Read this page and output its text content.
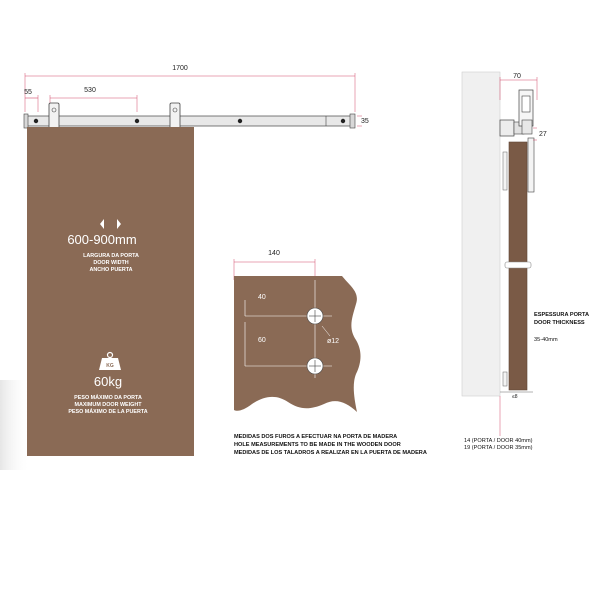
1700
55	530
35
600-900mm
LARGURA DA PORTA
DOOR WIDTH
ANCHO PUERTA
KG
60kg
PESO MÁXIMO DA PORTA
MAXIMUM DOOR WEIGHT
PESO MÁXIMO DE LA PUERTA
140
40
60	ø12
MEDIDAS DOS FUROS A EFECTUAR NA PORTA DE MADERA
HOLE MEASUREMENTS TO BE MADE IN THE WOODEN DOOR
MEDIDAS DE LOS TALADROS A REALIZAR EN LA PUERTA DE MADERA
70
27
≤8
ESPESSURA PORTA
DOOR THICKNESS
35-40mm
14 (PORTA / DOOR 40mm)
19 (PORTA / DOOR 35mm)
